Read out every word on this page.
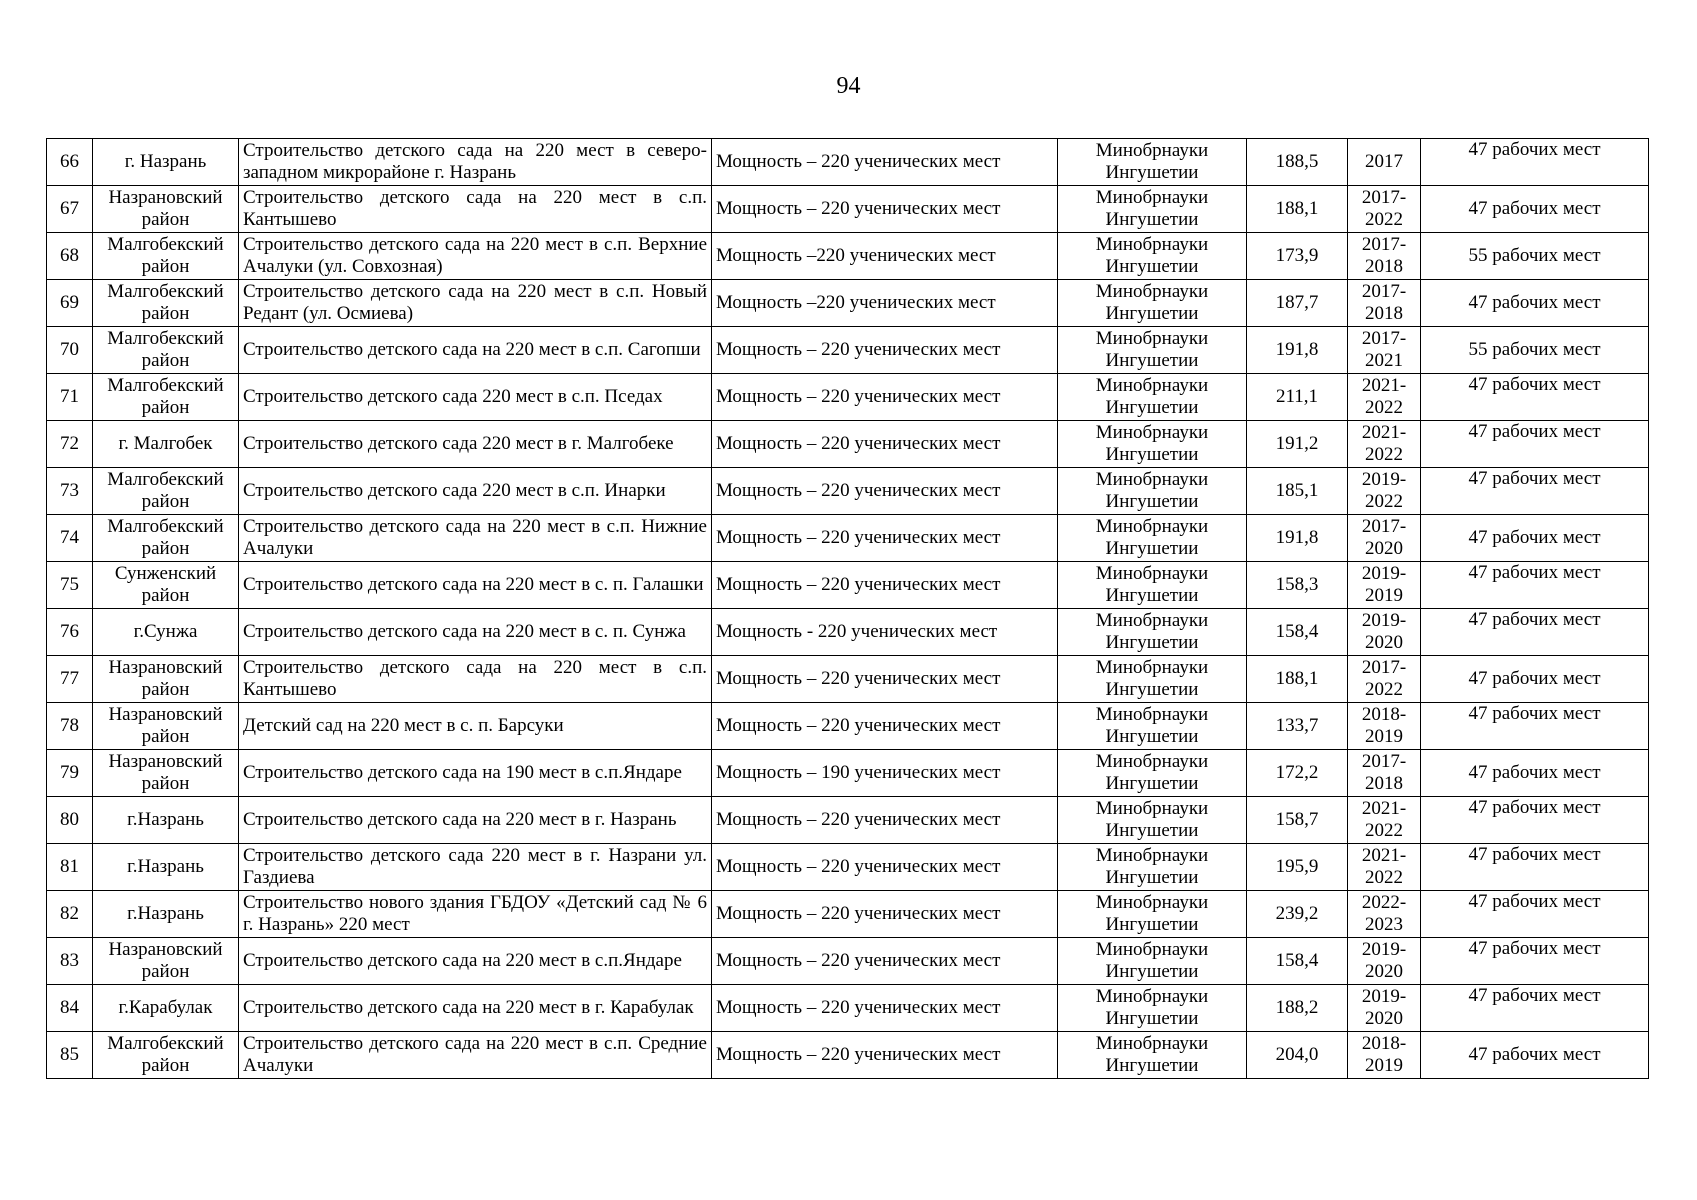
94
66	г. Назрань	Строительство детского сада на 220 мест в северо-западном микрорайоне г. Назрань	Мощность – 220 ученических мест	Минобрнауки Ингушетии	188,5	2017	47 рабочих мест
67	Назрановский район	Строительство детского сада на 220 мест в с.п. Кантышево	Мощность – 220 ученических мест	Минобрнауки Ингушетии	188,1	2017-2022	47 рабочих мест
68	Малгобекский район	Строительство детского сада на 220 мест в с.п. Верхние Ачалуки (ул. Совхозная)	Мощность –220 ученических мест	Минобрнауки Ингушетии	173,9	2017-2018	55 рабочих мест
69	Малгобекский район	Строительство детского сада на 220 мест в с.п. Новый Редант (ул. Осмиева)	Мощность –220 ученических мест	Минобрнауки Ингушетии	187,7	2017-2018	47 рабочих мест
70	Малгобекский район	Строительство детского сада на 220 мест в с.п. Сагопши	Мощность – 220 ученических мест	Минобрнауки Ингушетии	191,8	2017-2021	55 рабочих мест
71	Малгобекский район	Строительство детского сада 220 мест в с.п. Пседах	Мощность – 220 ученических мест	Минобрнауки Ингушетии	211,1	2021-2022	47 рабочих мест
72	г. Малгобек	Строительство детского сада 220 мест в г. Малгобеке	Мощность – 220 ученических мест	Минобрнауки Ингушетии	191,2	2021-2022	47 рабочих мест
73	Малгобекский район	Строительство детского сада 220 мест в с.п. Инарки	Мощность – 220 ученических мест	Минобрнауки Ингушетии	185,1	2019-2022	47 рабочих мест
74	Малгобекский район	Строительство детского сада на 220 мест в с.п. Нижние Ачалуки	Мощность – 220 ученических мест	Минобрнауки Ингушетии	191,8	2017-2020	47 рабочих мест
75	Сунженский район	Строительство детского сада на 220 мест в с. п. Галашки	Мощность – 220 ученических мест	Минобрнауки Ингушетии	158,3	2019-2019	47 рабочих мест
76	г.Сунжа	Строительство детского сада на 220 мест в с. п. Сунжа	Мощность - 220 ученических мест	Минобрнауки Ингушетии	158,4	2019-2020	47 рабочих мест
77	Назрановский район	Строительство детского сада на 220 мест в с.п. Кантышево	Мощность – 220 ученических мест	Минобрнауки Ингушетии	188,1	2017-2022	47 рабочих мест
78	Назрановский район	Детский сад на 220 мест в с. п. Барсуки	Мощность – 220 ученических мест	Минобрнауки Ингушетии	133,7	2018-2019	47 рабочих мест
79	Назрановский район	Строительство детского сада на 190 мест в с.п.Яндаре	Мощность – 190 ученических мест	Минобрнауки Ингушетии	172,2	2017-2018	47 рабочих мест
80	г.Назрань	Строительство детского сада на 220 мест в г. Назрань	Мощность – 220 ученических мест	Минобрнауки Ингушетии	158,7	2021-2022	47 рабочих мест
81	г.Назрань	Строительство детского сада 220 мест в г. Назрани ул. Газдиева	Мощность – 220 ученических мест	Минобрнауки Ингушетии	195,9	2021-2022	47 рабочих мест
82	г.Назрань	Строительство нового здания ГБДОУ «Детский сад № 6 г. Назрань» 220 мест	Мощность – 220 ученических мест	Минобрнауки Ингушетии	239,2	2022-2023	47 рабочих мест
83	Назрановский район	Строительство детского сада на 220 мест в с.п.Яндаре	Мощность – 220 ученических мест	Минобрнауки Ингушетии	158,4	2019-2020	47 рабочих мест
84	г.Карабулак	Строительство детского сада на 220 мест в г. Карабулак	Мощность – 220 ученических мест	Минобрнауки Ингушетии	188,2	2019-2020	47 рабочих мест
85	Малгобекский район	Строительство детского сада на 220 мест в с.п. Средние Ачалуки	Мощность – 220 ученических мест	Минобрнауки Ингушетии	204,0	2018-2019	47 рабочих мест
